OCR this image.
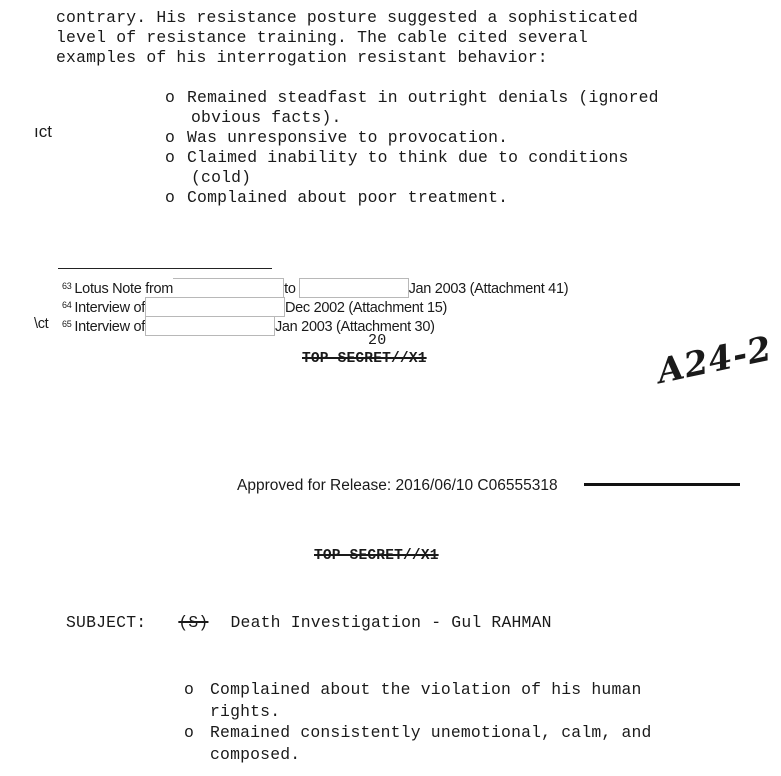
contrary. His resistance posture suggested a sophisticated
level of resistance training. The cable cited several
examples of his interrogation resistant behavior:
ıct
o Remained steadfast in outright denials (ignored
obvious facts).
o Was unresponsive to provocation.
o Claimed inability to think due to conditions
(cold)
o Complained about poor treatment.
$^{63}$ Lotus Note from	to	Jan 2003 (Attachment 41)
$^{64}$ Interview of	Dec 2002 (Attachment 15)
\ct $^{65}$ Interview of	Jan 2003 (Attachment 30)
20
TOP SECRET//X1	A24-2
Approved for Release: 2016/06/10 C06555318
TOP SECRET//X1
SUBJECT: (S) Death Investigation - Gul RAHMAN
o Complained about the violation of his human
rights.
o Remained consistently unemotional, calm, and
composed.
